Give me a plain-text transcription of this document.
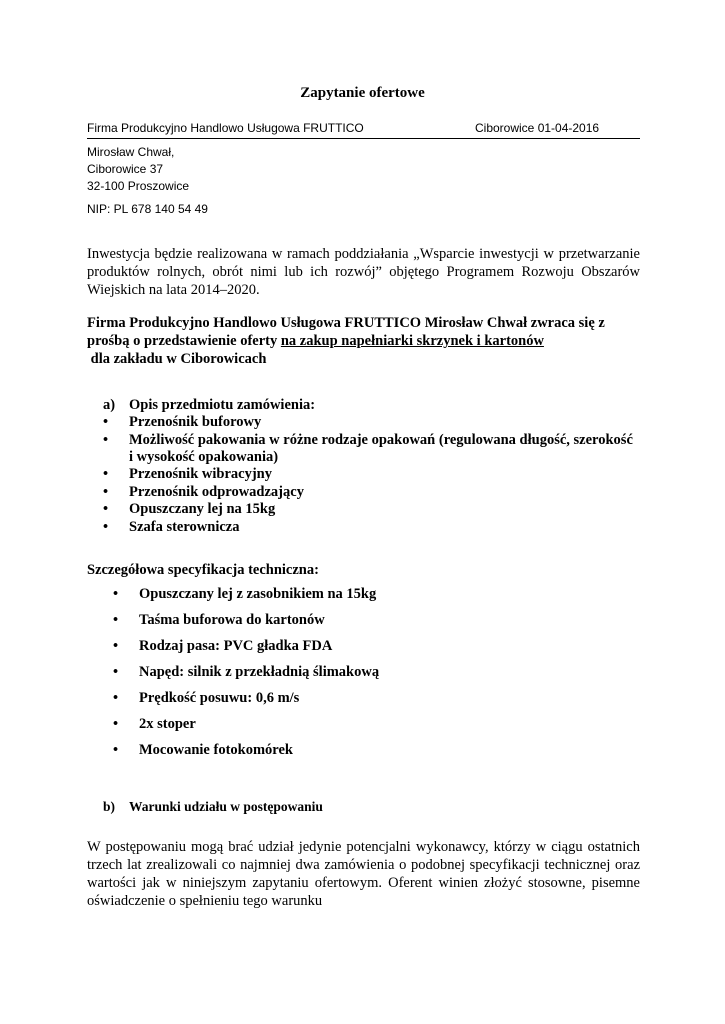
Zapytanie ofertowe
Firma Produkcyjno Handlowo Usługowa FRUTTICO	Ciborowice 01-04-2016
Mirosław Chwał,
Ciborowice 37
32-100 Proszowice
NIP: PL 678 140 54 49
Inwestycja będzie realizowana w ramach poddziałania „Wsparcie inwestycji w przetwarzanie produktów rolnych, obrót nimi lub ich rozwój” objętego Programem Rozwoju Obszarów Wiejskich na lata 2014–2020.
Firma Produkcyjno Handlowo Usługowa FRUTTICO Mirosław Chwał zwraca się z prośbą o przedstawienie oferty na zakup napełniarki skrzynek i kartonów
dla zakładu w Ciborowicach
a) Opis przedmiotu zamówienia:
•	Przenośnik buforowy
•	Możliwość pakowania w różne rodzaje opakowań (regulowana długość, szerokość
i wysokość opakowania)
•	Przenośnik wibracyjny
•	Przenośnik odprowadzający
•	Opuszczany lej na 15kg
•	Szafa sterownicza
Szczegółowa specyfikacja techniczna:
• Opuszczany lej z zasobnikiem na 15kg
• Taśma buforowa do kartonów
• Rodzaj pasa: PVC gładka FDA
• Napęd: silnik z przekładnią ślimakową
• Prędkość posuwu: 0,6 m/s
• 2x stoper
• Mocowanie fotokomórek
b)	Warunki udziału w postępowaniu
W postępowaniu mogą brać udział jedynie potencjalni wykonawcy, którzy w ciągu ostatnich trzech lat zrealizowali co najmniej dwa zamówienia o podobnej specyfikacji technicznej oraz wartości jak w niniejszym zapytaniu ofertowym. Oferent winien złożyć stosowne, pisemne oświadczenie o spełnieniu tego warunku
